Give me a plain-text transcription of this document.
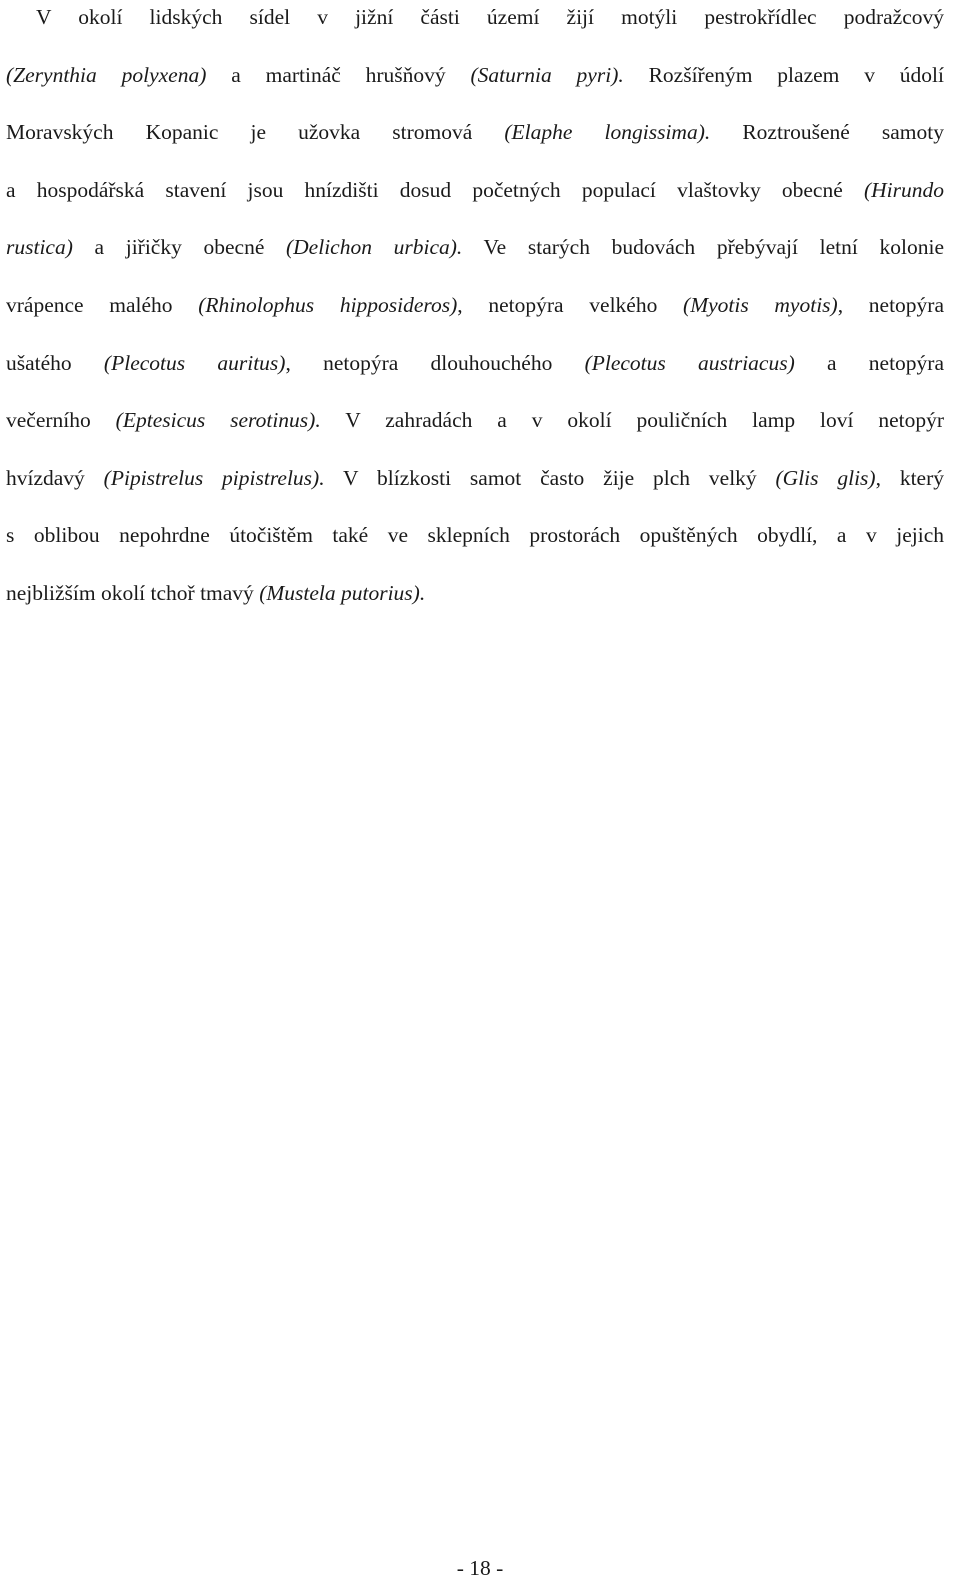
V okolí lidských sídel v jižní části území žijí motýli pestrokřídlec podražcový
(Zerynthia polyxena) a martináč hrušňový (Saturnia pyri). Rozšířeným plazem v údolí
Moravských Kopanic je užovka stromová (Elaphe longissima). Roztroušené samoty
a hospodářská stavení jsou hnízdišti dosud početných populací vlaštovky obecné (Hirundo
rustica) a jiřičky obecné (Delichon urbica). Ve starých budovách přebývají letní kolonie
vrápence malého (Rhinolophus hipposideros), netopýra velkého (Myotis myotis), netopýra
ušatého (Plecotus auritus), netopýra dlouhouchého (Plecotus austriacus) a netopýra
večerního (Eptesicus serotinus). V zahradách a v okolí pouličních lamp loví netopýr
hvízdavý (Pipistrelus pipistrelus). V blízkosti samot často žije plch velký (Glis glis), který
s oblibou nepohrdne útočištěm také ve sklepních prostorách opuštěných obydlí, a v jejich
nejbližším okolí tchoř tmavý (Mustela putorius).
- 18 -
